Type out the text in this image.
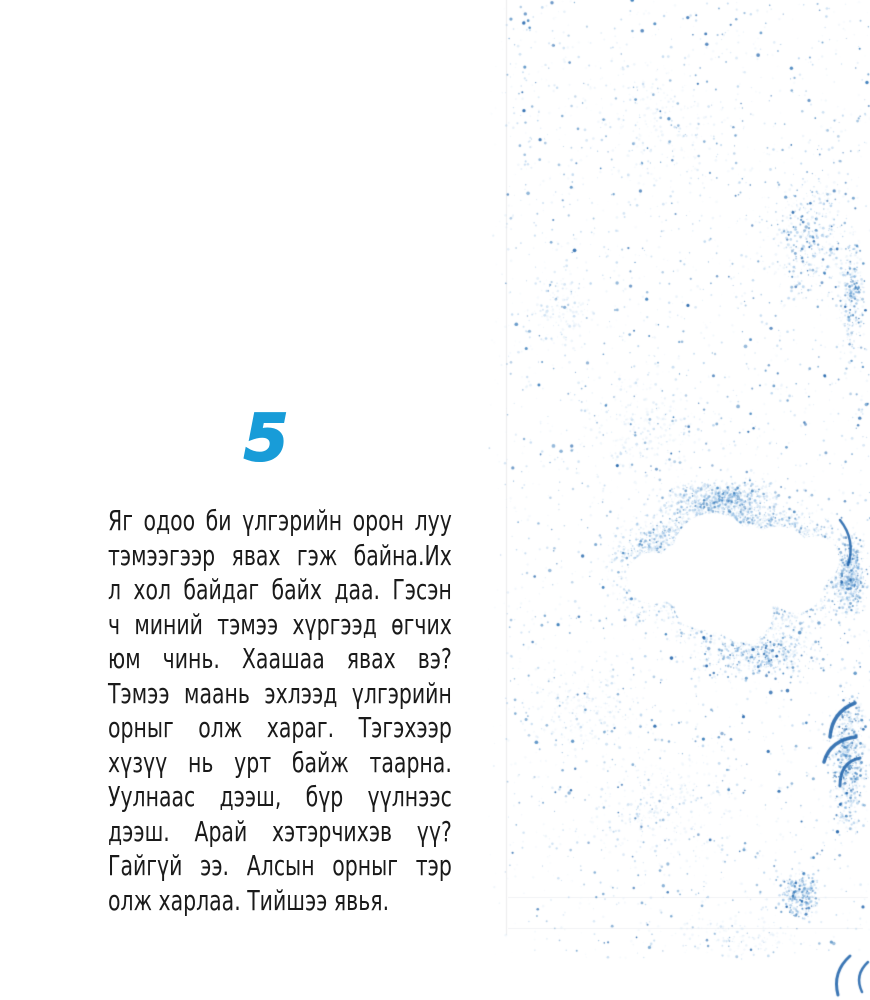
5
Яг одоо би үлгэрийн орон луу
тэмээгээр явах гэж байна.Их
л хол байдаг байх даа. Гэсэн
ч миний тэмээ хүргээд өгчих
юм чинь. Хаашаа явах вэ?
Тэмээ маань эхлээд үлгэрийн
орныг олж хараг. Тэгэхээр
хүзүү нь урт байж таарна.
Уулнаас дээш, бүр үүлнээс
дээш. Арай хэтэрчихэв үү?
Гайгүй ээ. Алсын орныг тэр
олж харлаа. Тийшээ явья.
